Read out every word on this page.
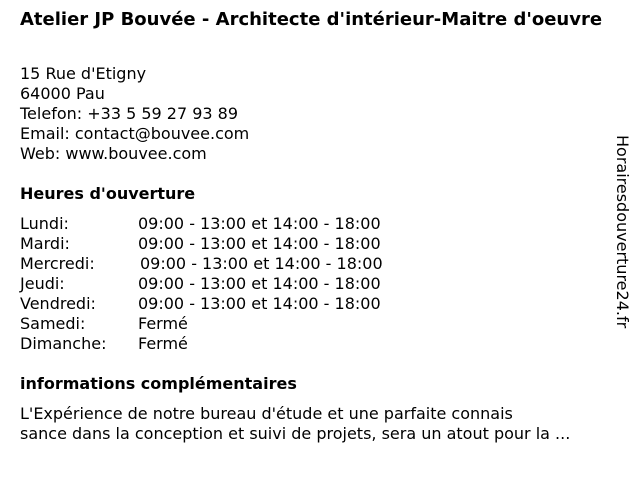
Atelier JP Bouvée - Architecte d'intérieur-Maitre d'oeuvre
15 Rue d'Etigny
64000 Pau
Telefon: +33 5 59 27 93 89
Email: contact@bouvee.com
Web: www.bouvee.com
Heures d'ouverture
Lundi:	09:00 - 13:00 et 14:00 - 18:00
Mardi:	09:00 - 13:00 et 14:00 - 18:00
Mercredi:	09:00 - 13:00 et 14:00 - 18:00
Jeudi:	09:00 - 13:00 et 14:00 - 18:00
Vendredi:	09:00 - 13:00 et 14:00 - 18:00
Samedi:	Fermé
Dimanche: Fermé
informations complémentaires
L'Expérience de notre bureau d'étude et une parfaite connais
sance dans la conception et suivi de projets, sera un atout pour la ...
Horairesdouverture24.fr
